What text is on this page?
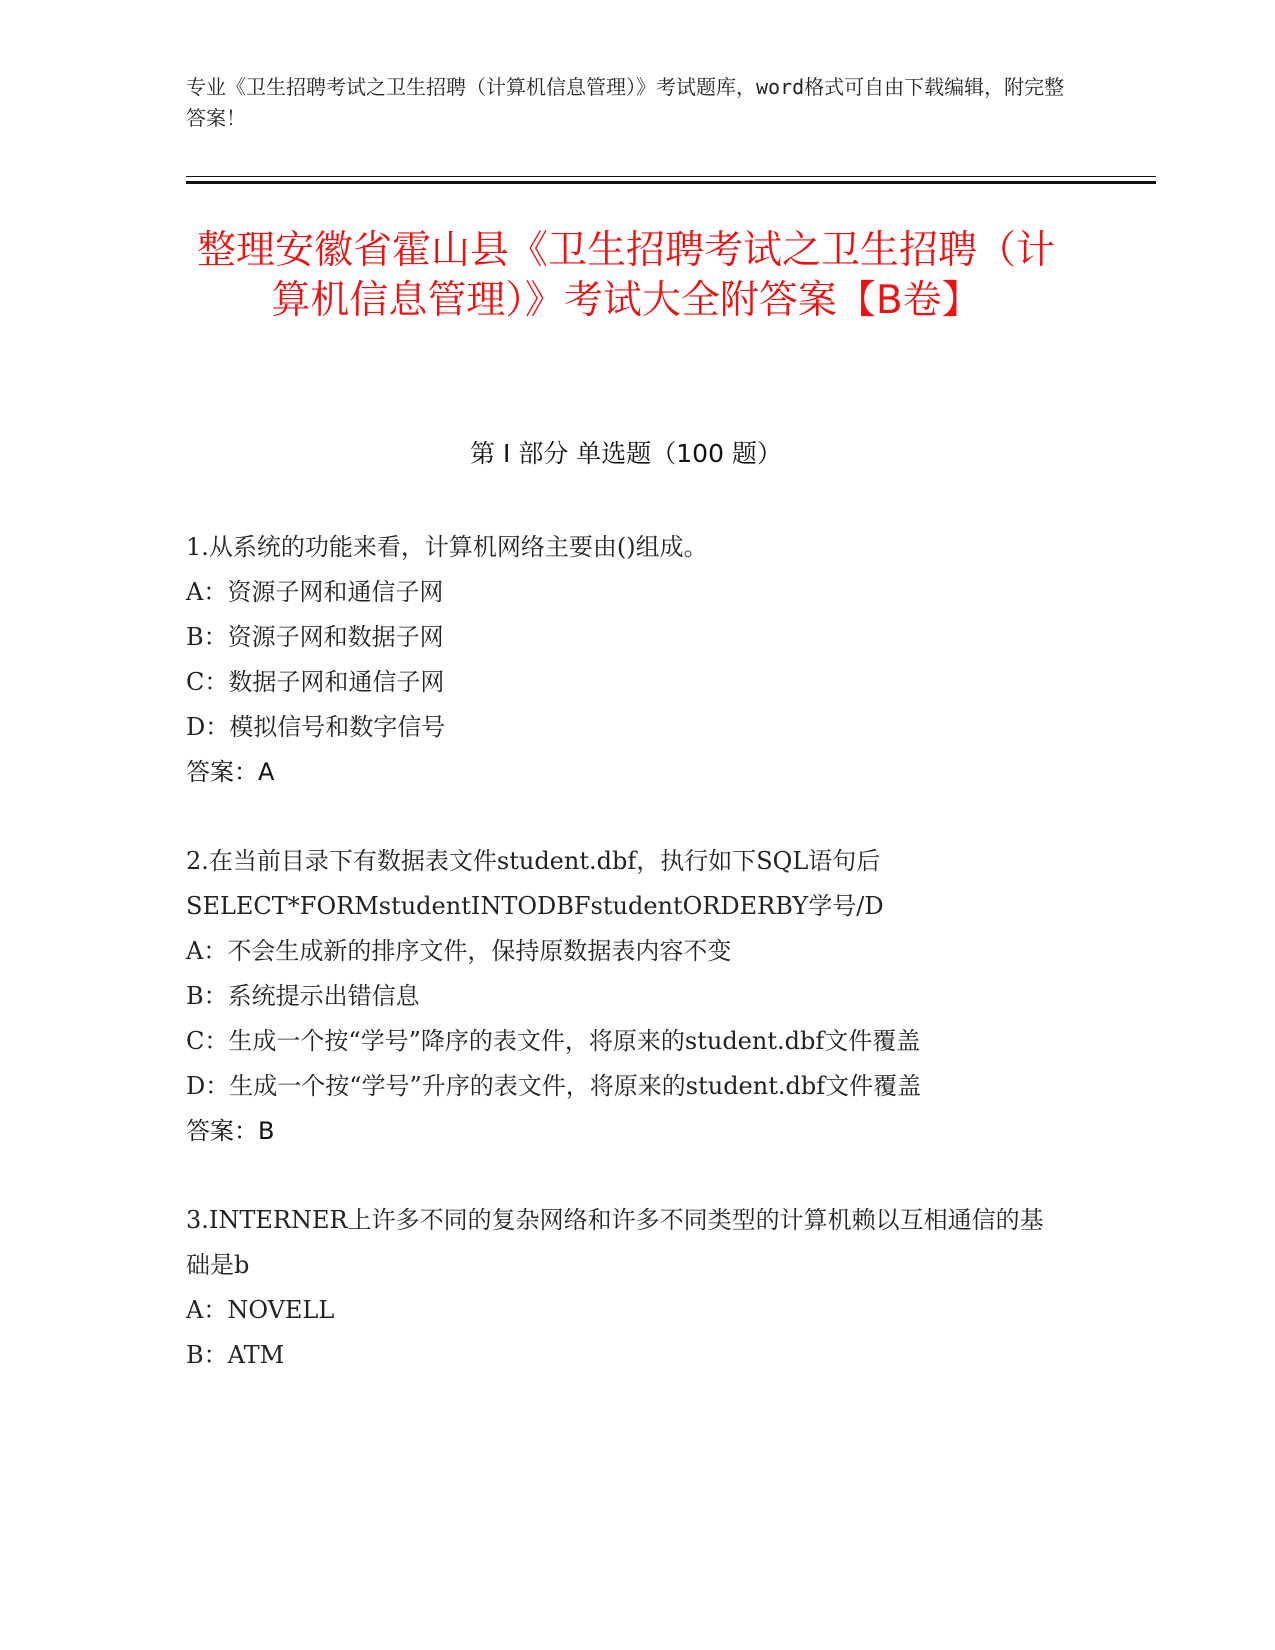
专业《卫生招聘考试之卫生招聘（计算机信息管理）》考试题库，word格式可自由下载编辑，附完整答案！
整理安徽省霍山县《卫生招聘考试之卫生招聘（计算机信息管理）》考试大全附答案【B卷】
第 I 部分 单选题（100 题）

1.从系统的功能来看，计算机网络主要由()组成。

A：资源子网和通信子网

B：资源子网和数据子网

C：数据子网和通信子网

D：模拟信号和数字信号

答案：A

2.在当前目录下有数据表文件student.dbf，执行如下SQL语句后SELECT*FORMstudentINTODBFstudentORDERBY学号/D

A：不会生成新的排序文件，保持原数据表内容不变

B：系统提示出错信息

C：生成一个按“学号”降序的表文件，将原来的student.dbf文件覆盖

D：生成一个按“学号”升序的表文件，将原来的student.dbf文件覆盖

答案：B

3.INTERNER上许多不同的复杂网络和许多不同类型的计算机赖以互相通信的基础是b

A：NOVELL

B：ATM
